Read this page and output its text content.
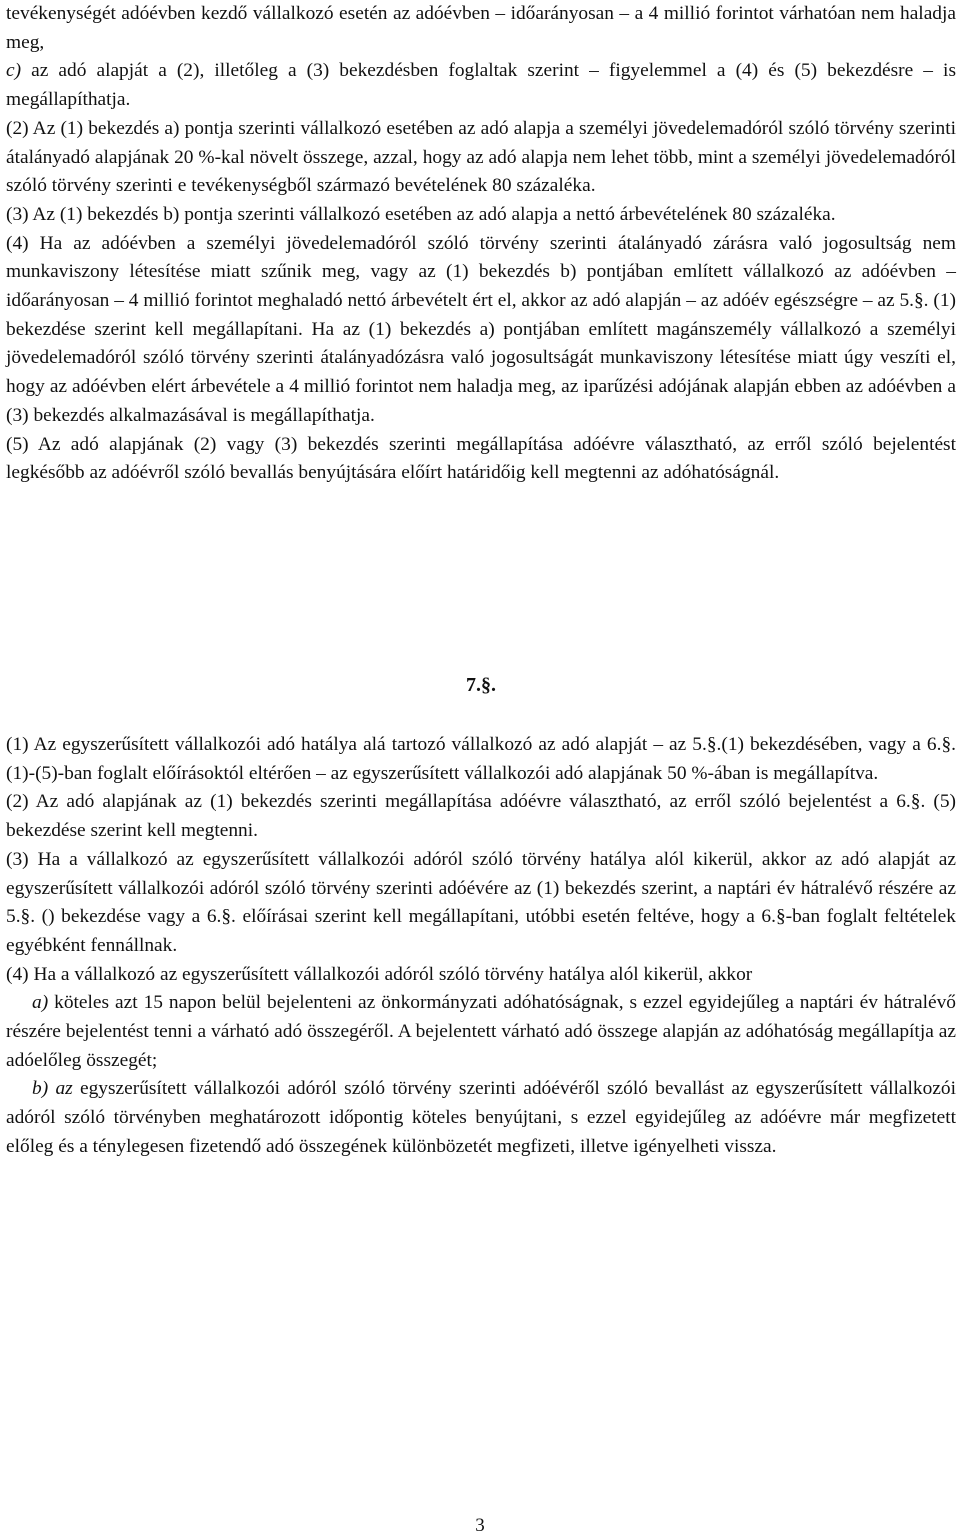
tevékenységét adóévben kezdő vállalkozó esetén az adóévben – időarányosan – a 4 millió forintot várhatóan nem haladja meg,

c) az adó alapját a (2), illetőleg a (3) bekezdésben foglaltak szerint – figyelemmel a (4) és (5) bekezdésre – is megállapíthatja.

(2) Az (1) bekezdés a) pontja szerinti vállalkozó esetében az adó alapja a személyi jövedelemadóról szóló törvény szerinti átalányadó alapjának 20 %-kal növelt összege, azzal, hogy az adó alapja nem lehet több, mint a személyi jövedelemadóról szóló törvény szerinti e tevékenységből származó bevételének 80 százaléka.

(3) Az (1) bekezdés b) pontja szerinti vállalkozó esetében az adó alapja a nettó árbevételének 80 százaléka.

(4) Ha az adóévben a személyi jövedelemadóról szóló törvény szerinti átalányadó zárásra való jogosultság nem munkaviszony létesítése miatt szűnik meg, vagy az (1) bekezdés b) pontjában említett vállalkozó az adóévben – időarányosan – 4 millió forintot meghaladó nettó árbevételt ért el, akkor az adó alapján – az adóév egészségre – az 5.§. (1) bekezdése szerint kell megállapítani. Ha az (1) bekezdés a) pontjában említett magánszemély vállalkozó a személyi jövedelemadóról szóló törvény szerinti átalányadózásra való jogosultságát munkaviszony létesítése miatt úgy veszíti el, hogy az adóévben elért árbevétele a 4 millió forintot nem haladja meg, az iparűzési adójának alapján ebben az adóévben a (3) bekezdés alkalmazásával is megállapíthatja.

(5) Az adó alapjának (2) vagy (3) bekezdés szerinti megállapítása adóévre választható, az erről szóló bejelentést legkésőbb az adóévről szóló bevallás benyújtására előírt határidőig kell megtenni az adóhatóságnál.

7.§.

(1) Az egyszerűsített vállalkozói adó hatálya alá tartozó vállalkozó az adó alapját – az 5.§.(1) bekezdésében, vagy a 6.§. (1)-(5)-ban foglalt előírásoktól eltérően – az egyszerűsített vállalkozói adó alapjának 50 %-ában is megállapítva.

(2) Az adó alapjának az (1) bekezdés szerinti megállapítása adóévre választható, az erről szóló bejelentést a 6.§. (5) bekezdése szerint kell megtenni.

(3) Ha a vállalkozó az egyszerűsített vállalkozói adóról szóló törvény hatálya alól kikerül, akkor az adó alapját az egyszerűsített vállalkozói adóról szóló törvény szerinti adóévére az (1) bekezdés szerint, a naptári év hátralévő részére az 5.§. () bekezdése vagy a 6.§. előírásai szerint kell megállapítani, utóbbi esetén feltéve, hogy a 6.§-ban foglalt feltételek egyébként fennállnak.

(4) Ha a vállalkozó az egyszerűsített vállalkozói adóról szóló törvény hatálya alól kikerül, akkor

a) köteles azt 15 napon belül bejelenteni az önkormányzati adóhatóságnak, s ezzel egyidejűleg a naptári év hátralévő részére bejelentést tenni a várható adó összegéről. A bejelentett várható adó összege alapján az adóhatóság megállapítja az adóelőleg összegét;

b) az egyszerűsített vállalkozói adóról szóló törvény szerinti adóévéről szóló bevallást az egyszerűsített vállalkozói adóról szóló törvényben meghatározott időpontig köteles benyújtani, s ezzel egyidejűleg az adóévre már megfizetett előleg és a ténylegesen fizetendő adó összegének különbözetét megfizeti, illetve igényelheti vissza.

3
